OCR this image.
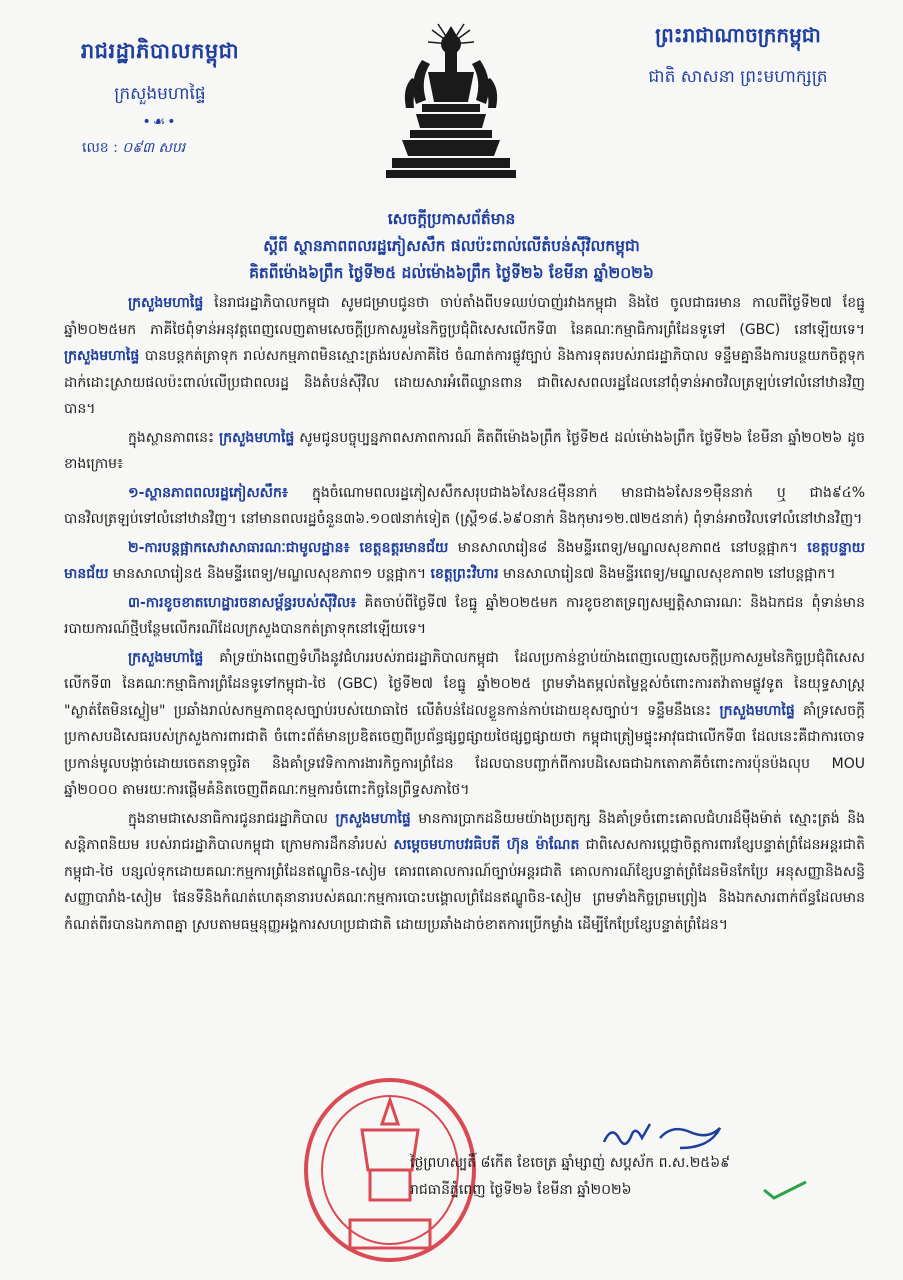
រាជរដ្ឋាភិបាលកម្ពុជា
ក្រសួងមហាផ្ទៃ
•☙•
លេខ : ០៩៣ សបរ
ព្រះរាជាណាចក្រកម្ពុជា
ជាតិ សាសនា ព្រះមហាក្សត្រ
សេចក្តីប្រកាសព័ត៌មាន
ស្តីពី ស្ថានភាពពលរដ្ឋភៀសសឹក ផលប៉ះពាល់លើតំបន់ស៊ីវិលកម្ពុជា
គិតពីម៉ោង៦ព្រឹក ថ្ងៃទី២៥ ដល់ម៉ោង៦ព្រឹក ថ្ងៃទី២៦ ខែមីនា ឆ្នាំ២០២៦

ក្រសួងមហាផ្ទៃ នៃរាជរដ្ឋាភិបាលកម្ពុជា សូមជម្រាបជូនថា ចាប់តាំងពីបទឈប់បាញ់រវាងកម្ពុជា និងថៃ ចូលជាធរមាន កាលពីថ្ងៃទី២៧ ខែធ្នូ ឆ្នាំ២០២៥មក ភាគីថៃពុំទាន់អនុវត្តពេញលេញតាមសេចក្តីប្រកាសរួមនៃកិច្ចប្រជុំពិសេសលើកទី៣ នៃគណៈកម្មាធិការព្រំដែនទូទៅ (GBC) នៅឡើយទេ។ ក្រសួងមហាផ្ទៃ បានបន្តកត់ត្រាទុក រាល់សកម្មភាពមិនស្មោះត្រង់របស់ភាគីថៃ ចំណាត់ការផ្លូវច្បាប់ និងការទុតរបស់រាជរដ្ឋាភិបាល ទន្ទឹមគ្នានឹងការបន្ថយកចិត្តទុកដាក់ដោះស្រាយផលប៉ះពាល់លើប្រជាពលរដ្ឋ និងតំបន់ស៊ីវិល ដោយសារអំពើឈ្លានពាន ជាពិសេសពលរដ្ឋដែលនៅពុំទាន់អាចវិលត្រឡប់ទៅលំនៅឋានវិញបាន។

ក្នុងស្ថានភាពនេះ ក្រសួងមហាផ្ទៃ សូមជូនបច្ចុប្បន្នភាពសភាពការណ៍ គិតពីម៉ោង៦ព្រឹក ថ្ងៃទី២៥ ដល់ម៉ោង៦ព្រឹក ថ្ងៃទី២៦ ខែមីនា ឆ្នាំ២០២៦ ដូចខាងក្រោម៖

១-ស្ថានភាពពលរដ្ឋភៀសសឹក៖ ក្នុងចំណោមពលរដ្ឋភៀសសឹកសរុបជាង៦សែន៤ម៉ឺននាក់ មានជាង៦សែន១ម៉ឺននាក់ ឬ ជាង៩៤% បានវិលត្រឡប់ទៅលំនៅឋានវិញ។ នៅមានពលរដ្ឋចំនួន៣៦.១០៧នាក់ទៀត (ស្ត្រី១៨.៦៩០នាក់ និងកុមារ១២.៧២៥នាក់) ពុំទាន់អាចវិលទៅលំនៅឋានវិញ។

២-ការបន្តផ្អាកសេវាសាធារណៈជាមូលដ្ឋាន៖ ខេត្តឧត្តរមានជ័យ មានសាលារៀន៨ និងមន្ទីរពេទ្យ/មណ្ឌលសុខភាព៥ នៅបន្តផ្អាក។ ខេត្តបន្ទាយមានជ័យ មានសាលារៀន៥ និងមន្ទីរពេទ្យ/មណ្ឌលសុខភាព១ បន្តផ្អាក។ ខេត្តព្រះវិហារ មានសាលារៀន៧ និងមន្ទីរពេទ្យ/មណ្ឌលសុខភាព២ នៅបន្តផ្អាក។

៣-ការខូចខាតហេដ្ឋារចនាសម្ព័ន្ធរបស់ស៊ីវិល៖ គិតចាប់ពីថ្ងៃទី៧ ខែធ្នូ ឆ្នាំ២០២៥មក ការខូចខាតទ្រព្យសម្បត្តិសាធារណៈ និងឯកជន ពុំទាន់មានរបាយការណ៍ថ្មីបន្ថែមលើករណីដែលក្រសួងបានកត់ត្រាទុកនៅឡើយទេ។

ក្រសួងមហាផ្ទៃ គាំទ្រយ៉ាងពេញទំហឹងនូវជំហររបស់រាជរដ្ឋាភិបាលកម្ពុជា ដែលប្រកាន់ខ្ជាប់យ៉ាងពេញលេញសេចក្តីប្រកាសរួមនៃកិច្ចប្រជុំពិសេសលើកទី៣ នៃគណៈកម្មាធិការព្រំដែនទូទៅកម្ពុជា-ថៃ (GBC) ថ្ងៃទី២៧ ខែធ្នូ ឆ្នាំ២០២៥ ព្រមទាំងតម្កល់តម្លៃខ្ពស់ចំពោះការតវ៉ាតាមផ្លូវទូត នៃយុទ្ធសាស្ត្រ "ស្ងាត់តែមិនស្ងៀម" ប្រឆាំងរាល់សកម្មភាពខុសច្បាប់របស់យោធាថៃ លើតំបន់ដែលខ្លួនកាន់កាប់ដោយខុសច្បាប់។ ទន្ទឹមនឹងនេះ ក្រសួងមហាផ្ទៃ គាំទ្រសេចក្តីប្រកាសបដិសេធរបស់ក្រសួងការពារជាតិ ចំពោះព័ត៌មានប្រឌិតចេញពីប្រព័ន្ធផ្សព្វផ្សាយថៃផ្សព្វផ្សាយថា កម្ពុជាត្រៀមផ្ទុះអាវុធជាលើកទី៣ ដែលនេះគឺជាការចោទប្រកាន់មូលបង្កាច់ដោយចេតនាទុច្ចរិត និងគាំទ្រវេទិកាការងារកិច្ចការព្រំដែន ដែលបានបញ្ជាក់ពីការបដិសេធជាឯកតោភាគីចំពោះការប៉ុនប៉ងលុប MOU ឆ្នាំ២០០០ តាមរយៈការផ្តើមគំនិតចេញពីគណៈកម្មការចំពោះកិច្ចនៃព្រឹទ្ធសភាថៃ។

ក្នុងនាមជាសេនាធិការជូនរាជរដ្ឋាភិបាល ក្រសួងមហាផ្ទៃ មានការប្រាកដនិយមយ៉ាងប្រត្យក្ស និងគាំទ្រចំពោះគោលជំហរដ៏ម៉ឺងម៉ាត់ ស្មោះត្រង់ និងសន្តិភាពនិយម របស់រាជរដ្ឋាភិបាលកម្ពុជា ក្រោមការដឹកនាំរបស់ សម្តេចមហាបវរធិបតី ហ៊ុន ម៉ាណែត ជាពិសេសការប្តេជ្ញាចិត្តការពារខ្សែបន្ទាត់ព្រំដែនអន្តរជាតិកម្ពុជា-ថៃ បន្សល់ទុកដោយគណៈកម្មការព្រំដែនឥណ្ឌូចិន-សៀម គោរពគោលការណ៍ច្បាប់អន្តរជាតិ គោលការណ៍ខ្សែបន្ទាត់ព្រំដែនមិនកែប្រែ អនុសញ្ញានិងសន្ធិសញ្ញាបារាំង-សៀម ផែនទីនិងកំណត់ហេតុនានារបស់គណៈកម្មការបោះបង្គោលព្រំដែនឥណ្ឌូចិន-សៀម ព្រមទាំងកិច្ចព្រមព្រៀង និងឯកសារពាក់ព័ន្ធដែលមានកំណត់ពីរបានឯកភាពគ្នា ស្របតាមធម្មនុញ្ញអង្គការសហប្រជាជាតិ ដោយប្រឆាំងដាច់ខាតការប្រើកម្លាំង ដើម្បីកែប្រែខ្សែបន្ទាត់ព្រំដែន។

ថ្ងៃព្រហស្បតិ៍ ៨កើត ខែចេត្រ ឆ្នាំម្សាញ់ សប្តស័ក ព.ស.២៥៦៩
រាជធានីភ្នំពេញ ថ្ងៃទី២៦ ខែមីនា ឆ្នាំ២០២៦
